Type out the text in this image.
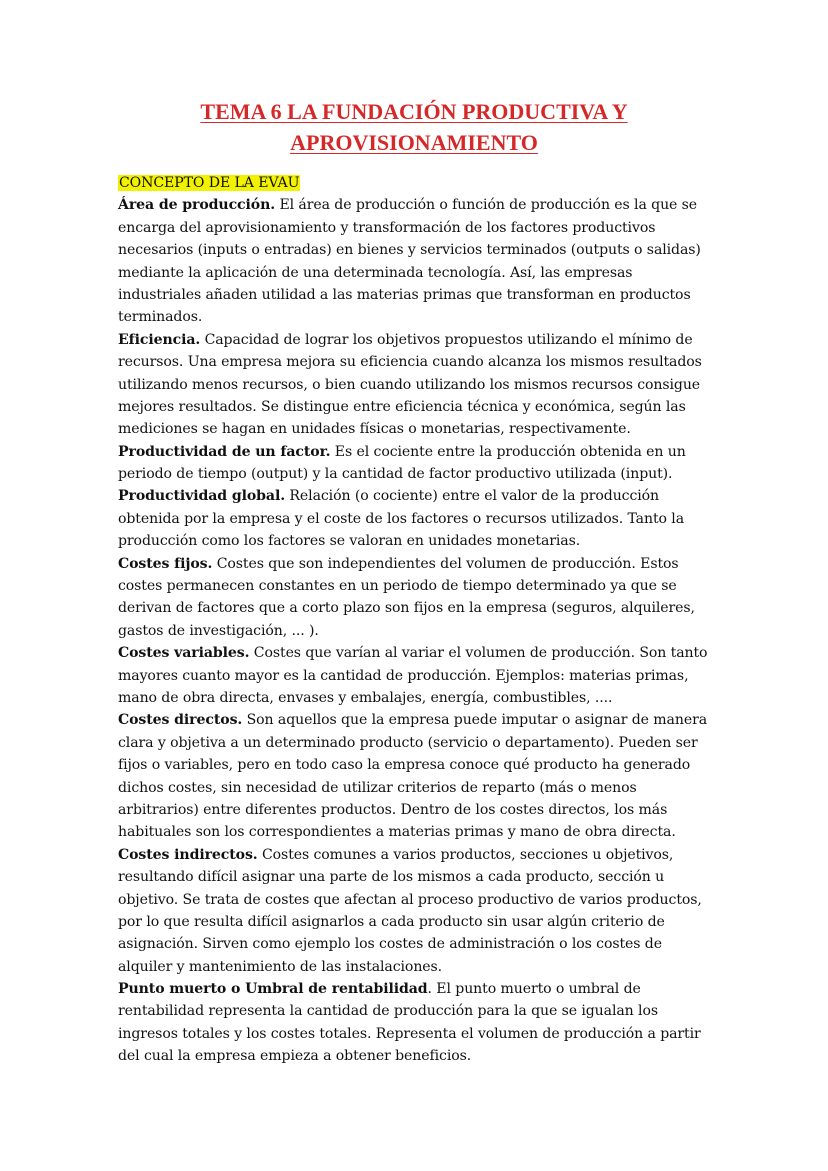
TEMA 6 LA FUNDACIÓN PRODUCTIVA Y
APROVISIONAMIENTO
CONCEPTO DE LA EVAU
Área de producción. El área de producción o función de producción es la que se
encarga del aprovisionamiento y transformación de los factores productivos
necesarios (inputs o entradas) en bienes y servicios terminados (outputs o salidas)
mediante la aplicación de una determinada tecnología. Así, las empresas
industriales añaden utilidad a las materias primas que transforman en productos
terminados.
Eficiencia. Capacidad de lograr los objetivos propuestos utilizando el mínimo de
recursos. Una empresa mejora su eficiencia cuando alcanza los mismos resultados
utilizando menos recursos, o bien cuando utilizando los mismos recursos consigue
mejores resultados. Se distingue entre eficiencia técnica y económica, según las
mediciones se hagan en unidades físicas o monetarias, respectivamente.
Productividad de un factor. Es el cociente entre la producción obtenida en un
periodo de tiempo (output) y la cantidad de factor productivo utilizada (input).
Productividad global. Relación (o cociente) entre el valor de la producción
obtenida por la empresa y el coste de los factores o recursos utilizados. Tanto la
producción como los factores se valoran en unidades monetarias.
Costes fijos. Costes que son independientes del volumen de producción. Estos
costes permanecen constantes en un periodo de tiempo determinado ya que se
derivan de factores que a corto plazo son fijos en la empresa (seguros, alquileres,
gastos de investigación, ... ).
Costes variables. Costes que varían al variar el volumen de producción. Son tanto
mayores cuanto mayor es la cantidad de producción. Ejemplos: materias primas,
mano de obra directa, envases y embalajes, energía, combustibles, ....
Costes directos. Son aquellos que la empresa puede imputar o asignar de manera
clara y objetiva a un determinado producto (servicio o departamento). Pueden ser
fijos o variables, pero en todo caso la empresa conoce qué producto ha generado
dichos costes, sin necesidad de utilizar criterios de reparto (más o menos
arbitrarios) entre diferentes productos. Dentro de los costes directos, los más
habituales son los correspondientes a materias primas y mano de obra directa.
Costes indirectos. Costes comunes a varios productos, secciones u objetivos,
resultando difícil asignar una parte de los mismos a cada producto, sección u
objetivo. Se trata de costes que afectan al proceso productivo de varios productos,
por lo que resulta difícil asignarlos a cada producto sin usar algún criterio de
asignación. Sirven como ejemplo los costes de administración o los costes de
alquiler y mantenimiento de las instalaciones.
Punto muerto o Umbral de rentabilidad. El punto muerto o umbral de
rentabilidad representa la cantidad de producción para la que se igualan los
ingresos totales y los costes totales. Representa el volumen de producción a partir
del cual la empresa empieza a obtener beneficios.
